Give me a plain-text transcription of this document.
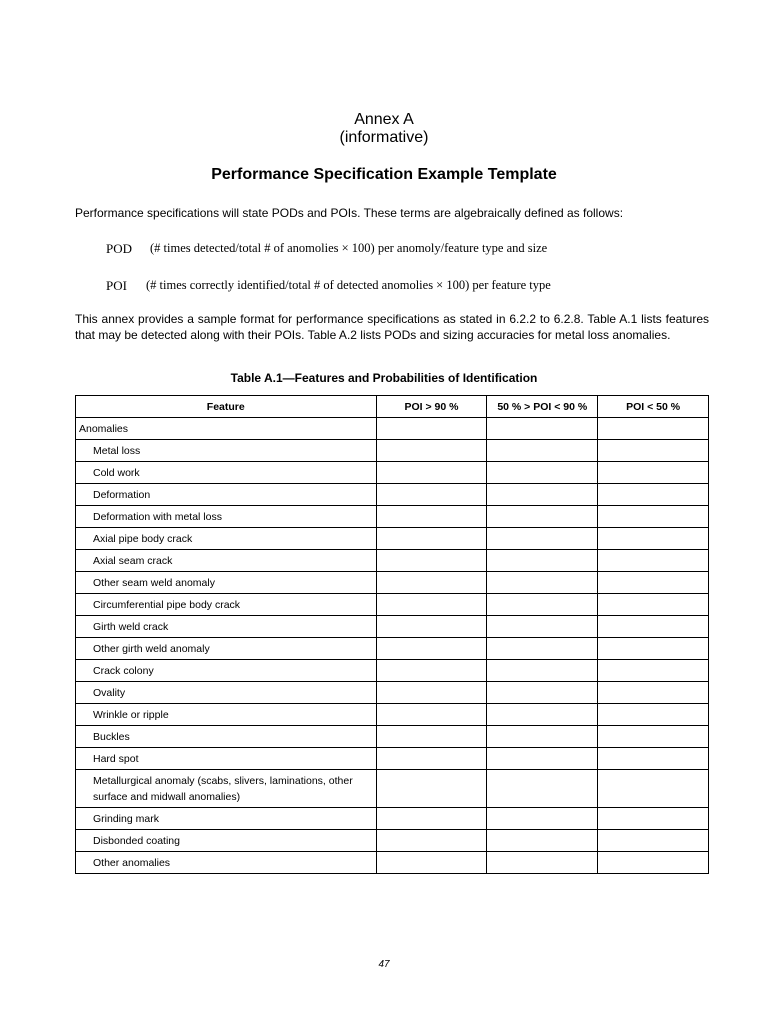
Annex A
(informative)
Performance Specification Example Template
Performance specifications will state PODs and POIs. These terms are algebraically defined as follows:
POD (# times detected/total # of anomolies × 100) per anomoly/feature type and size
POI (# times correctly identified/total # of detected anomolies × 100) per feature type
This annex provides a sample format for performance specifications as stated in 6.2.2 to 6.2.8. Table A.1 lists features that may be detected along with their POIs. Table A.2 lists PODs and sizing accuracies for metal loss anomalies.
Table A.1—Features and Probabilities of Identification
Feature	POI > 90 %	50 % > POI < 90 %	POI < 50 %
Anomalies			
Metal loss			
Cold work			
Deformation			
Deformation with metal loss			
Axial pipe body crack			
Axial seam crack			
Other seam weld anomaly			
Circumferential pipe body crack			
Girth weld crack			
Other girth weld anomaly			
Crack colony			
Ovality			
Wrinkle or ripple			
Buckles			
Hard spot			
Metallurgical anomaly (scabs, slivers, laminations, other surface and midwall anomalies)			
Grinding mark			
Disbonded coating			
Other anomalies			
47
